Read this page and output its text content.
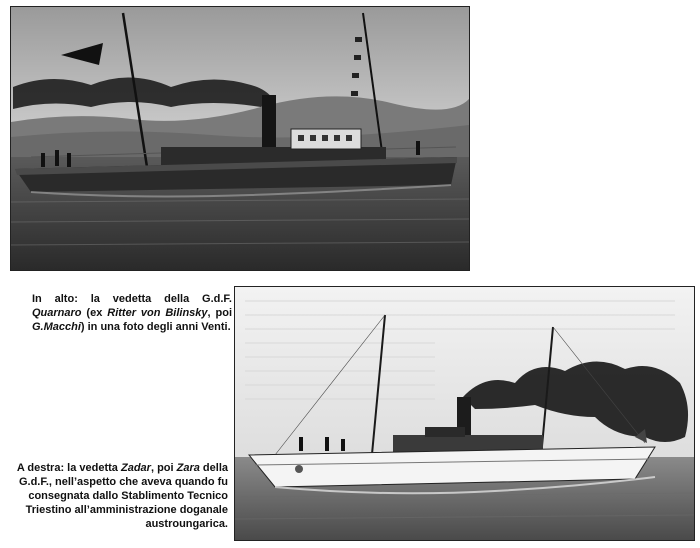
In alto: la vedetta della G.d.F. Quarnaro (ex Ritter von Bilinsky, poi G.Macchi) in una foto degli anni Venti.

A destra: la vedetta Zadar, poi Zara della G.d.F., nell’aspetto che aveva quando fu consegnata dallo Stablimento Tecnico Triestino all’amministrazione doganale austroungarica.
